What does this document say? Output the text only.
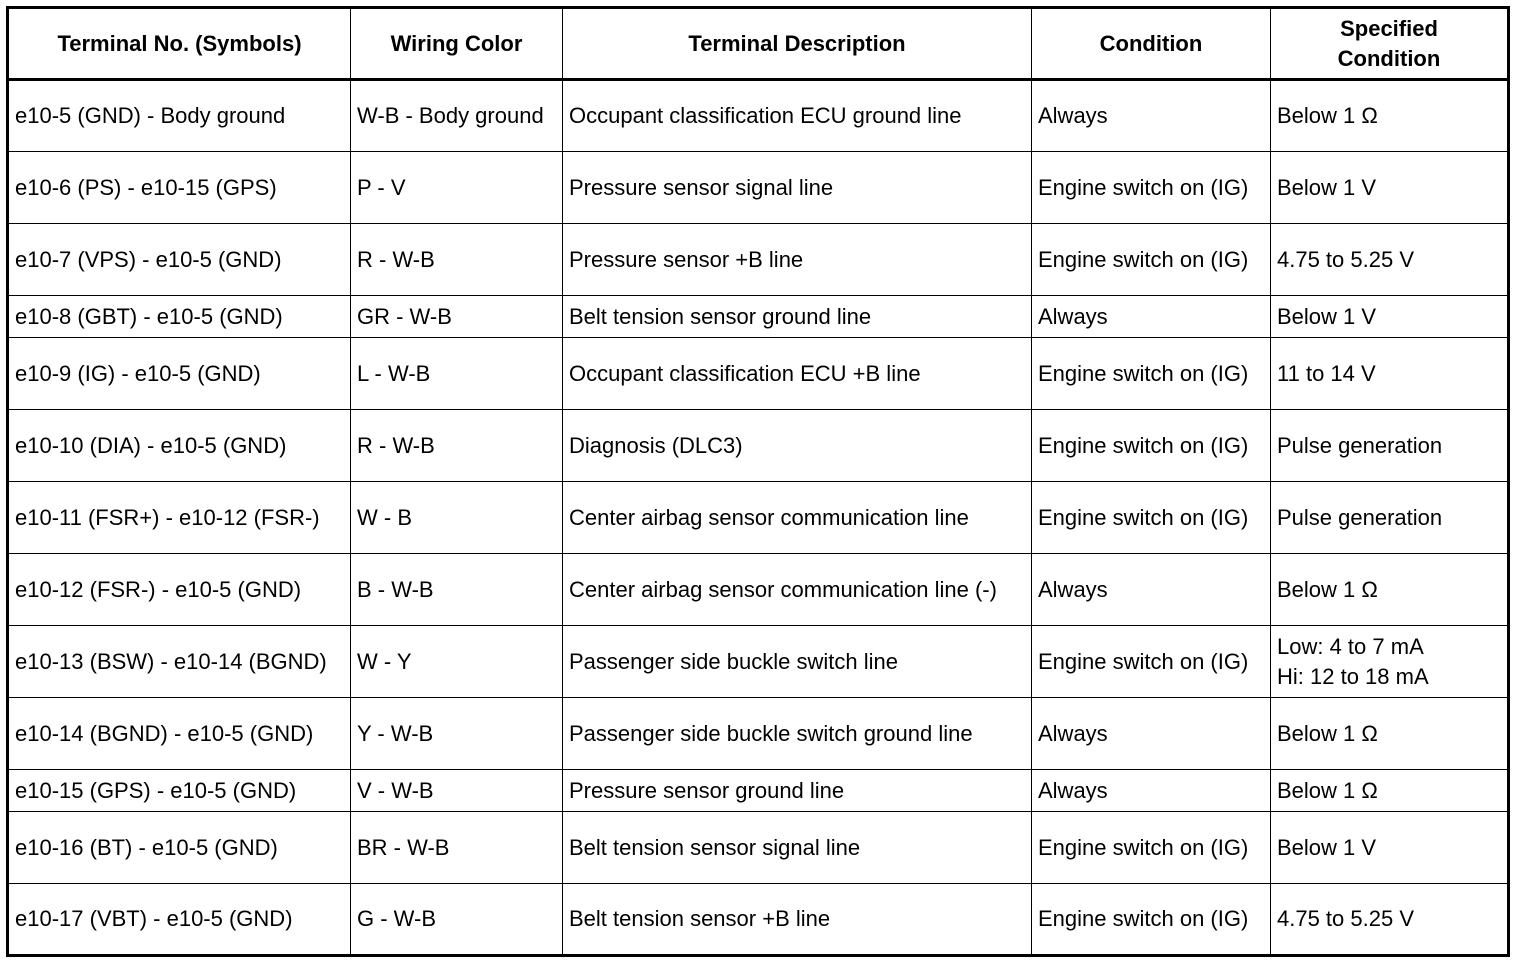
Terminal No. (Symbols)	Wiring Color	Terminal Description	Condition	Specified
Condition

e10-5 (GND) - Body ground	W-B - Body ground	Occupant classification ECU ground line	Always	Below 1 Ω

e10-6 (PS) - e10-15 (GPS)	P - V	Pressure sensor signal line	Engine switch on (IG)	Below 1 V

e10-7 (VPS) - e10-5 (GND)	R - W-B	Pressure sensor +B line	Engine switch on (IG)	4.75 to 5.25 V

e10-8 (GBT) - e10-5 (GND)	GR - W-B	Belt tension sensor ground line	Always	Below 1 V

e10-9 (IG) - e10-5 (GND)	L - W-B	Occupant classification ECU +B line	Engine switch on (IG)	11 to 14 V

e10-10 (DIA) - e10-5 (GND)	R - W-B	Diagnosis (DLC3)	Engine switch on (IG)	Pulse generation

e10-11 (FSR+) - e10-12 (FSR-)	W - B	Center airbag sensor communication line	Engine switch on (IG)	Pulse generation

e10-12 (FSR-) - e10-5 (GND)	B - W-B	Center airbag sensor communication line (-)	Always	Below 1 Ω

e10-13 (BSW) - e10-14 (BGND)	W - Y	Passenger side buckle switch line	Engine switch on (IG)	Low: 4 to 7 mA
Hi: 12 to 18 mA

e10-14 (BGND) - e10-5 (GND)	Y - W-B	Passenger side buckle switch ground line	Always	Below 1 Ω

e10-15 (GPS) - e10-5 (GND)	V - W-B	Pressure sensor ground line	Always	Below 1 Ω

e10-16 (BT) - e10-5 (GND)	BR - W-B	Belt tension sensor signal line	Engine switch on (IG)	Below 1 V

e10-17 (VBT) - e10-5 (GND)	G - W-B	Belt tension sensor +B line	Engine switch on (IG)	4.75 to 5.25 V
